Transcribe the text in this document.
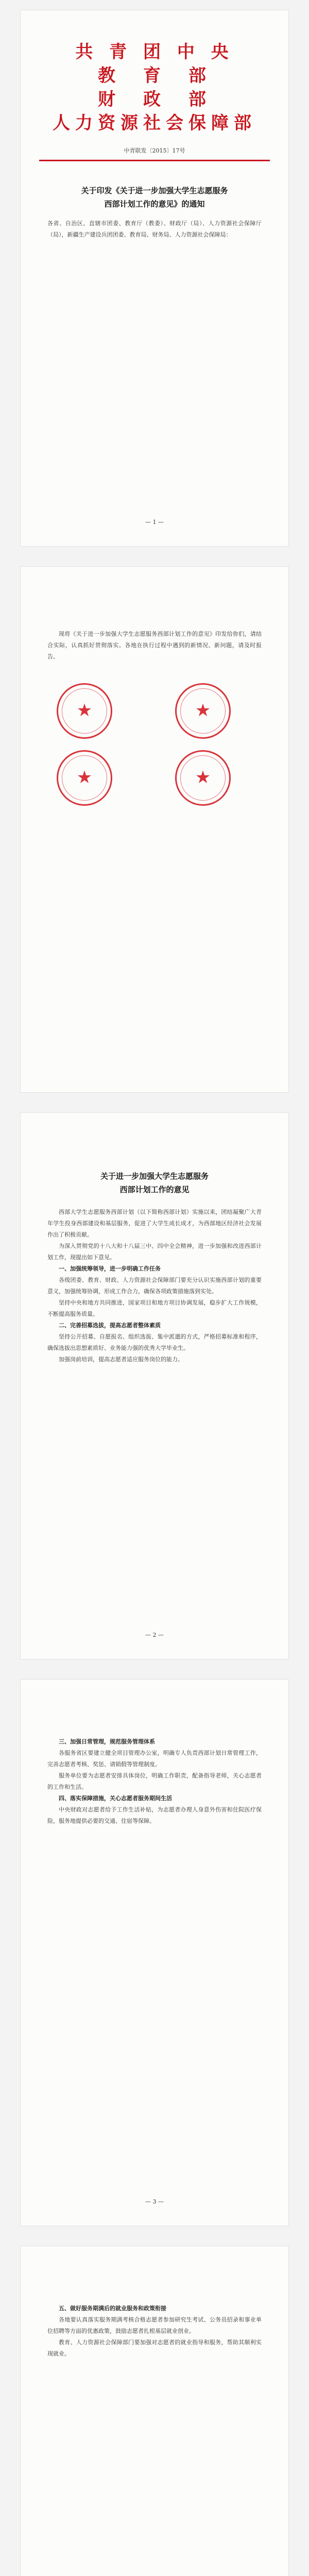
共 青 团 中 央
教　育　部
财　政　部
人力资源社会保障部
中青联发〔2015〕17号
关于印发《关于进一步加强大学生志愿服务
西部计划工作的意见》的通知
各省、自治区、直辖市团委、教育厅（教委）、财政厅（局）、人力资源社会保障厅（局），新疆生产建设兵团团委、教育局、财务局、人力资源社会保障局：
— 1 —
现将《关于进一步加强大学生志愿服务西部计划工作的意见》印发给你们，请结合实际，认真抓好贯彻落实。各地在执行过程中遇到的新情况、新问题，请及时报告。
★	★
★	★
关于进一步加强大学生志愿服务
西部计划工作的意见
西部大学生志愿服务西部计划（以下简称西部计划）实施以来，团结凝聚广大青年学生投身西部建设和基层服务，促进了大学生成长成才，为西部地区经济社会发展作出了积极贡献。
为深入贯彻党的十八大和十八届三中、四中全会精神，进一步加强和改进西部计划工作，现提出如下意见。
一、加强统筹领导，进一步明确工作任务
各级团委、教育、财政、人力资源社会保障部门要充分认识实施西部计划的重要意义，加强统筹协调，形成工作合力，确保各项政策措施落到实处。
坚持中央和地方共同推进，国家项目和地方项目协调发展，稳步扩大工作规模，不断提高服务质量。
二、完善招募选拔，提高志愿者整体素质
坚持公开招募、自愿报名、组织选拔、集中派遣的方式，严格招募标准和程序，确保选拔出思想素质好、业务能力强的优秀大学毕业生。
加强岗前培训，提高志愿者适应服务岗位的能力。
— 2 —
三、加强日常管理，规范服务管理体系
各服务省区要建立健全项目管理办公室，明确专人负责西部计划日常管理工作，完善志愿者考核、奖惩、请销假等管理制度。
服务单位要为志愿者安排具体岗位，明确工作职责，配备指导老师，关心志愿者的工作和生活。
四、落实保障措施，关心志愿者服务期间生活
中央财政对志愿者给予工作生活补贴，为志愿者办理人身意外伤害和住院医疗保险，服务地提供必要的交通、住宿等保障。
— 3 —
五、做好服务期满后的就业服务和政策衔接
各地要认真落实服务期满考核合格志愿者参加研究生考试、公务员招录和事业单位招聘等方面的优惠政策，鼓励志愿者扎根基层就业创业。
教育、人力资源社会保障部门要加强对志愿者的就业指导和服务，帮助其顺利实现就业。
